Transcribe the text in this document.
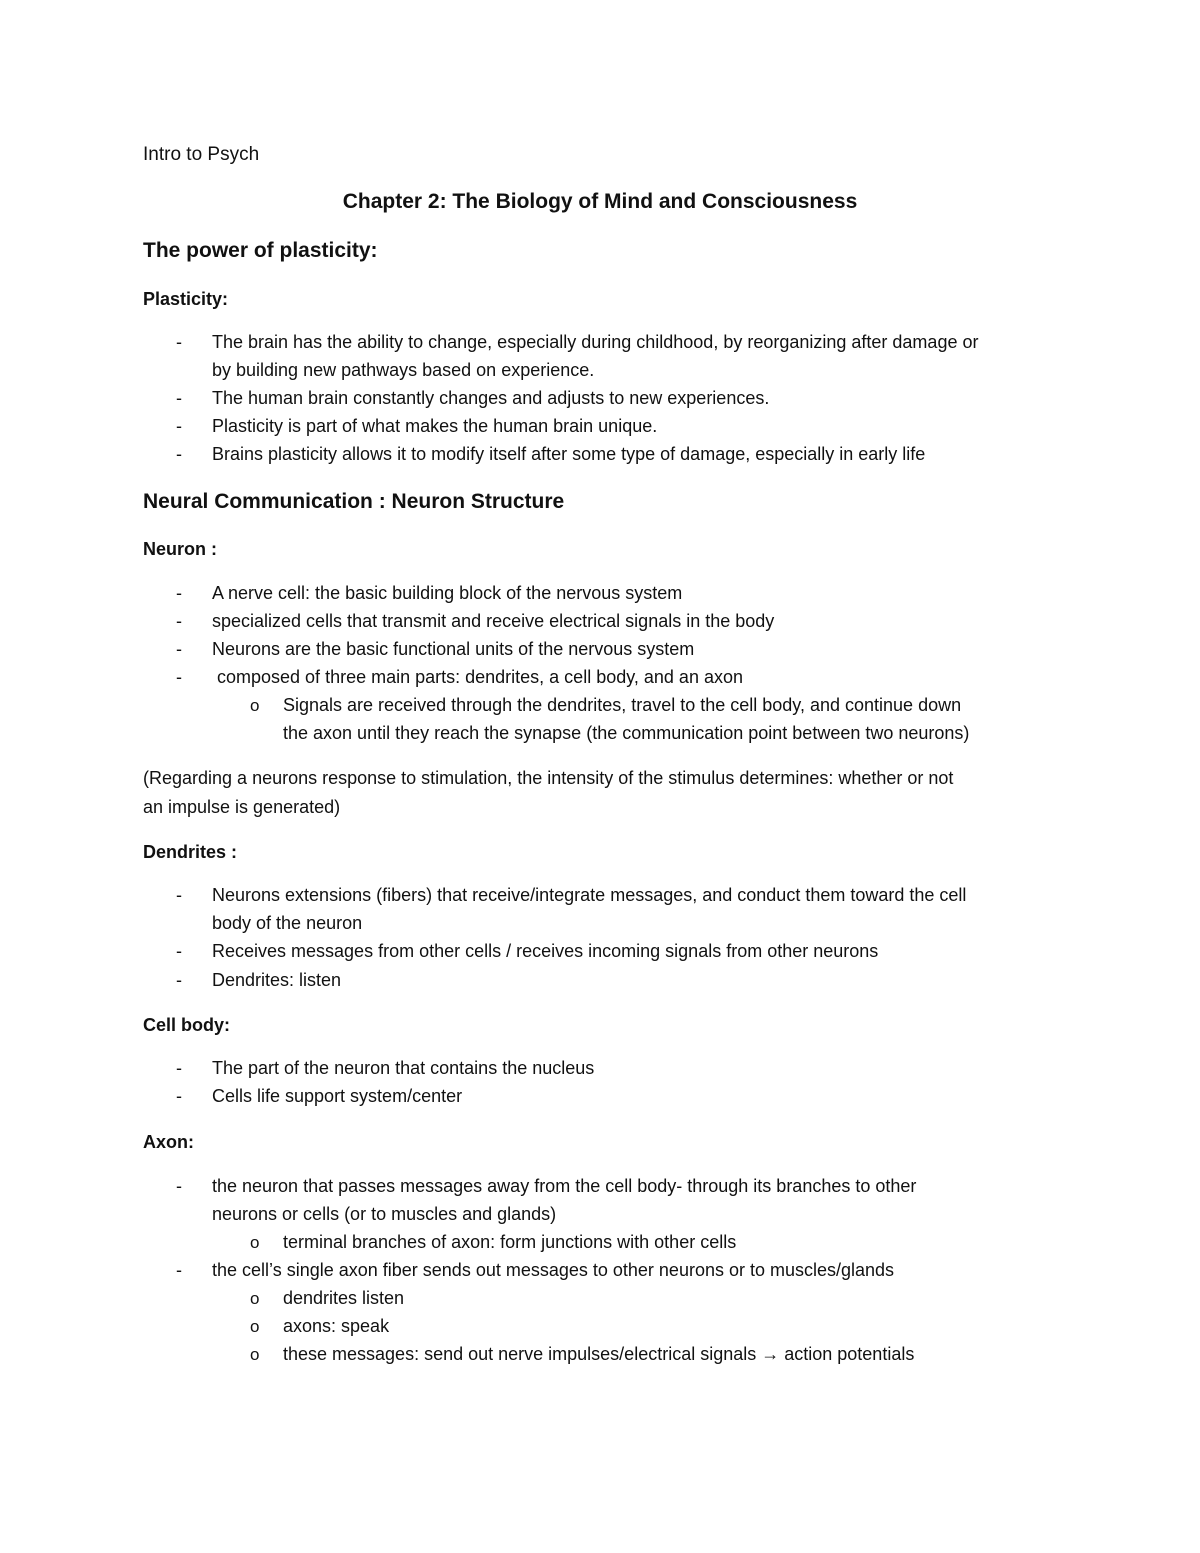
Intro to Psych
Chapter 2: The Biology of Mind and Consciousness
The power of plasticity:
Plasticity:
- The brain has the ability to change, especially during childhood, by reorganizing after damage or
by building new pathways based on experience.
- The human brain constantly changes and adjusts to new experiences.
- Plasticity is part of what makes the human brain unique.
- Brains plasticity allows it to modify itself after some type of damage, especially in early life
Neural Communication : Neuron Structure
Neuron :
- A nerve cell: the basic building block of the nervous system
- specialized cells that transmit and receive electrical signals in the body
- Neurons are the basic functional units of the nervous system
- composed of three main parts: dendrites, a cell body, and an axon
o Signals are received through the dendrites, travel to the cell body, and continue down
the axon until they reach the synapse (the communication point between two neurons)
(Regarding a neurons response to stimulation, the intensity of the stimulus determines: whether or not
an impulse is generated)
Dendrites :
- Neurons extensions (fibers) that receive/integrate messages, and conduct them toward the cell
body of the neuron
- Receives messages from other cells / receives incoming signals from other neurons
- Dendrites: listen
Cell body:
- The part of the neuron that contains the nucleus
- Cells life support system/center
Axon:
- the neuron that passes messages away from the cell body- through its branches to other
neurons or cells (or to muscles and glands)
o terminal branches of axon: form junctions with other cells
- the cell’s single axon fiber sends out messages to other neurons or to muscles/glands
o dendrites listen
o axons: speak
o these messages: send out nerve impulses/electrical signals → action potentials
